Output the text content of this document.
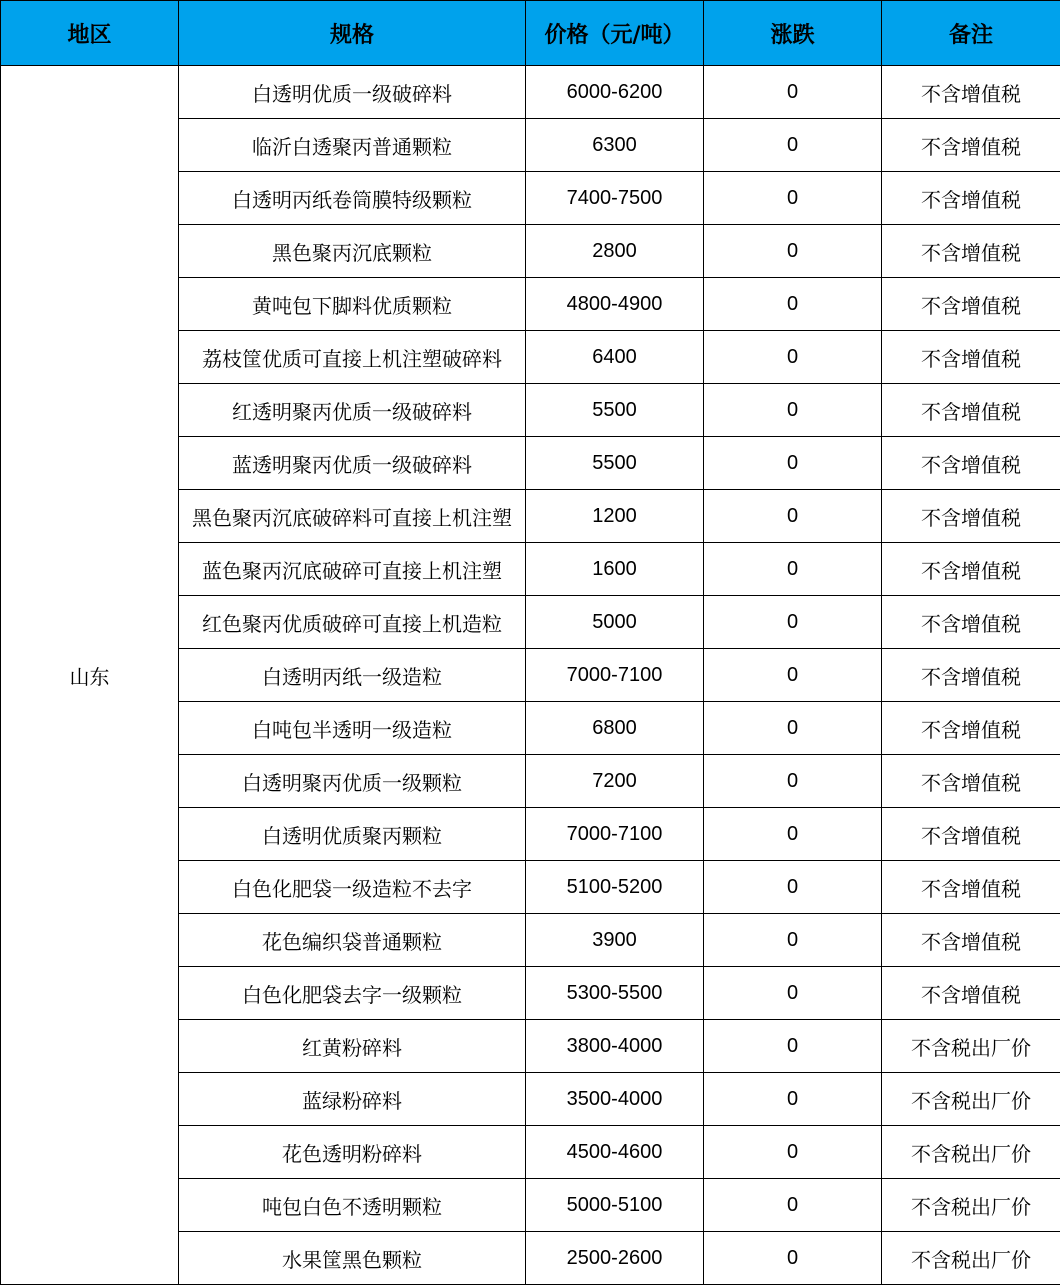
地区	规格	价格（元/吨）	涨跌	备注
山东	白透明优质一级破碎料	6000-6200	0	不含增值税
	临沂白透聚丙普通颗粒	6300	0	不含增值税
	白透明丙纸卷筒膜特级颗粒	7400-7500	0	不含增值税
	黑色聚丙沉底颗粒	2800	0	不含增值税
	黄吨包下脚料优质颗粒	4800-4900	0	不含增值税
	荔枝筐优质可直接上机注塑破碎料	6400	0	不含增值税
	红透明聚丙优质一级破碎料	5500	0	不含增值税
	蓝透明聚丙优质一级破碎料	5500	0	不含增值税
	黑色聚丙沉底破碎料可直接上机注塑	1200	0	不含增值税
	蓝色聚丙沉底破碎可直接上机注塑	1600	0	不含增值税
	红色聚丙优质破碎可直接上机造粒	5000	0	不含增值税
	白透明丙纸一级造粒	7000-7100	0	不含增值税
	白吨包半透明一级造粒	6800	0	不含增值税
	白透明聚丙优质一级颗粒	7200	0	不含增值税
	白透明优质聚丙颗粒	7000-7100	0	不含增值税
	白色化肥袋一级造粒不去字	5100-5200	0	不含增值税
	花色编织袋普通颗粒	3900	0	不含增值税
	白色化肥袋去字一级颗粒	5300-5500	0	不含增值税
	红黄粉碎料	3800-4000	0	不含税出厂价
	蓝绿粉碎料	3500-4000	0	不含税出厂价
	花色透明粉碎料	4500-4600	0	不含税出厂价
	吨包白色不透明颗粒	5000-5100	0	不含税出厂价
	水果筐黑色颗粒	2500-2600	0	不含税出厂价
